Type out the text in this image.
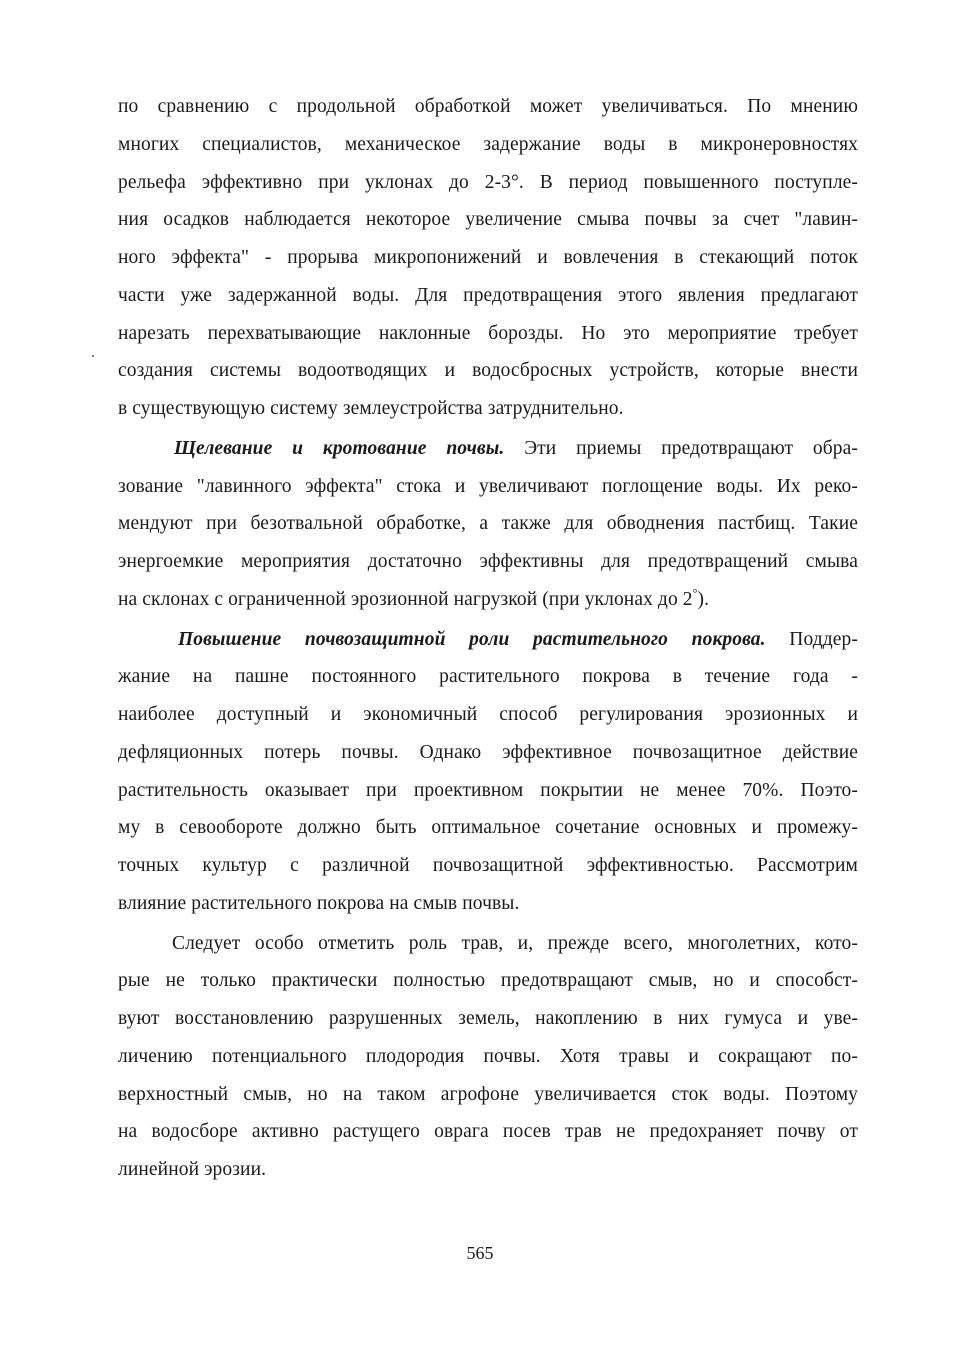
по сравнению с продольной обработкой может увеличиваться. По мнению
многих специалистов, механическое задержание воды в микронеровностях
рельефа эффективно при уклонах до 2-3°. В период повышенного поступле-
ния осадков наблюдается некоторое увеличение смыва почвы за счет "лавин-
ного эффекта" - прорыва микропонижений и вовлечения в стекающий поток
части уже задержанной воды. Для предотвращения этого явления предлагают
нарезать перехватывающие наклонные борозды. Но это мероприятие требует
создания системы водоотводящих и водосбросных устройств, которые внести
в существующую систему землеустройства затруднительно.
Щелевание и кротование почвы. Эти приемы предотвращают обра-
зование "лавинного эффекта" стока и увеличивают поглощение воды. Их реко-
мендуют при безотвальной обработке, а также для обводнения пастбищ. Такие
энергоемкие мероприятия достаточно эффективны для предотвращений смыва
на склонах с ограниченной эрозионной нагрузкой (при уклонах до 2°).
Повышение почвозащитной роли растительного покрова. Поддер-
жание на пашне постоянного растительного покрова в течение года -
наиболее доступный и экономичный способ регулирования эрозионных и
дефляционных потерь почвы. Однако эффективное почвозащитное действие
растительность оказывает при проективном покрытии не менее 70%. Поэто-
му в севообороте должно быть оптимальное сочетание основных и промежу-
точных культур с различной почвозащитной эффективностью. Рассмотрим
влияние растительного покрова на смыв почвы.
Следует особо отметить роль трав, и, прежде всего, многолетних, кото-
рые не только практически полностью предотвращают смыв, но и способст-
вуют восстановлению разрушенных земель, накоплению в них гумуса и уве-
личению потенциального плодородия почвы. Хотя травы и сокращают по-
верхностный смыв, но на таком агрофоне увеличивается сток воды. Поэтому
на водосборе активно растущего оврага посев трав не предохраняет почву от
линейной эрозии.
565
